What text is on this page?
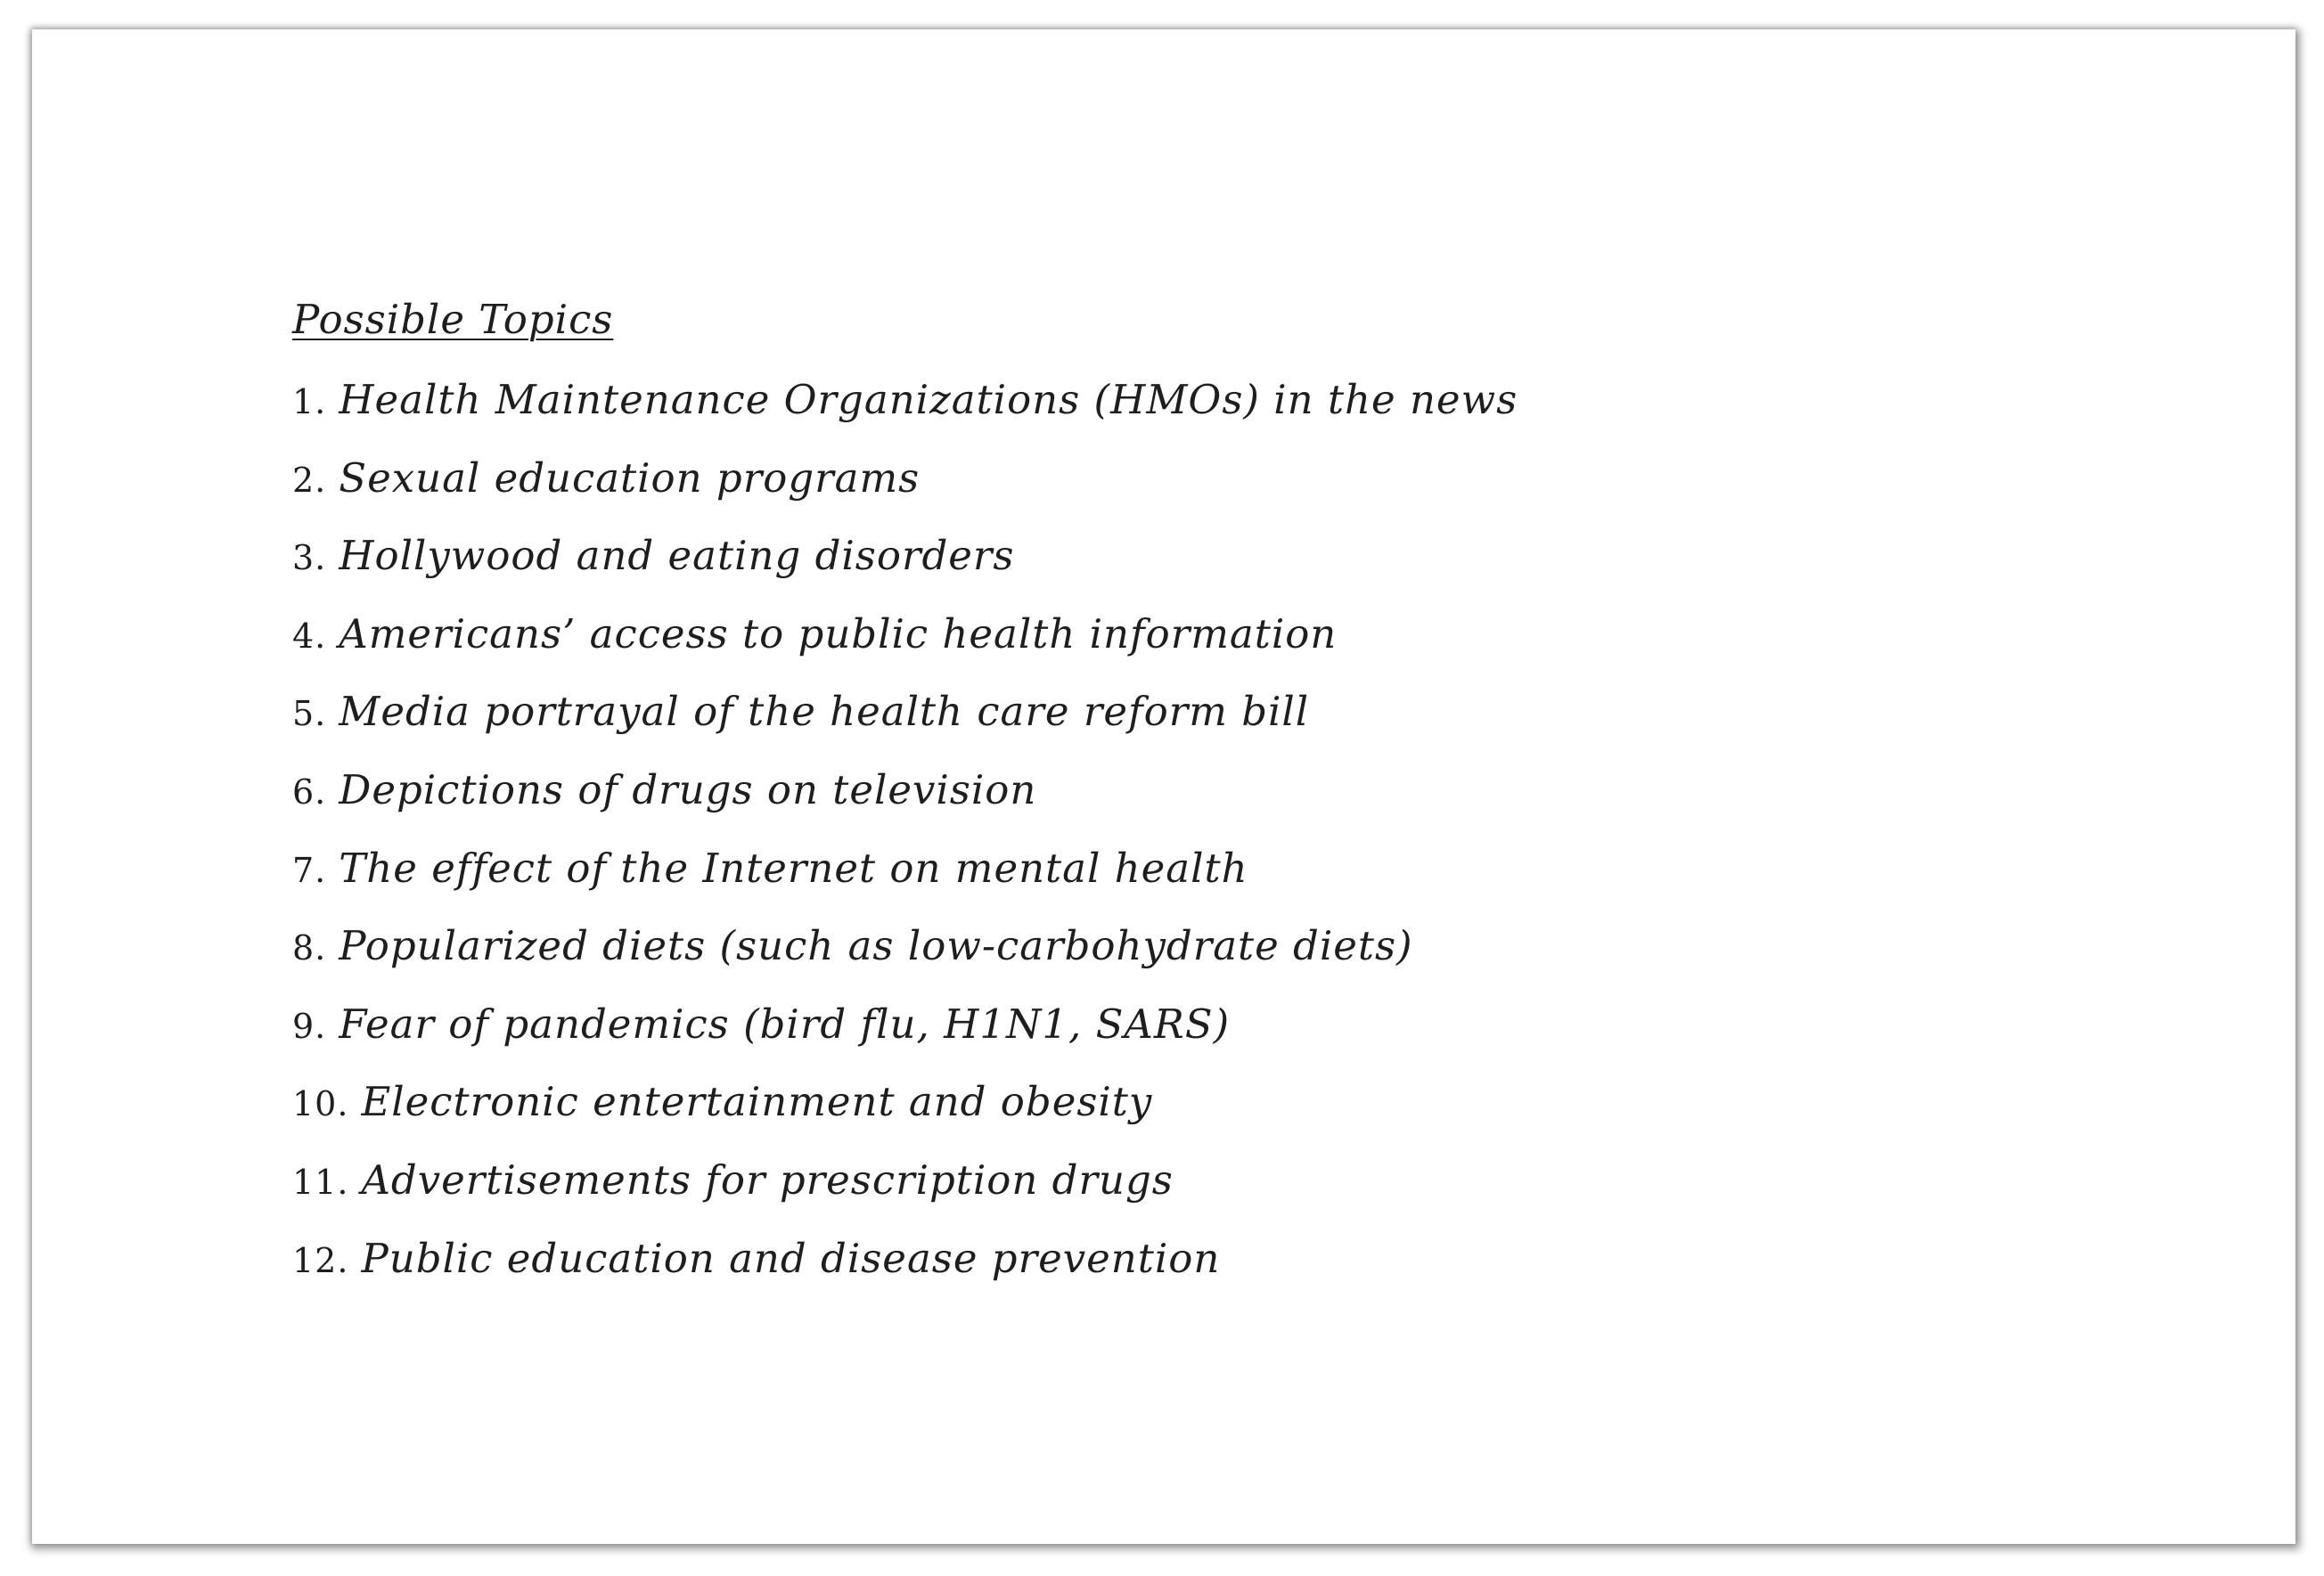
Possible Topics
1. Health Maintenance Organizations (HMOs) in the news
2. Sexual education programs
3. Hollywood and eating disorders
4. Americans’ access to public health information
5. Media portrayal of the health care reform bill
6. Depictions of drugs on television
7. The effect of the Internet on mental health
8. Popularized diets (such as low-carbohydrate diets)
9. Fear of pandemics (bird flu, H1N1, SARS)
10. Electronic entertainment and obesity
11. Advertisements for prescription drugs
12. Public education and disease prevention
